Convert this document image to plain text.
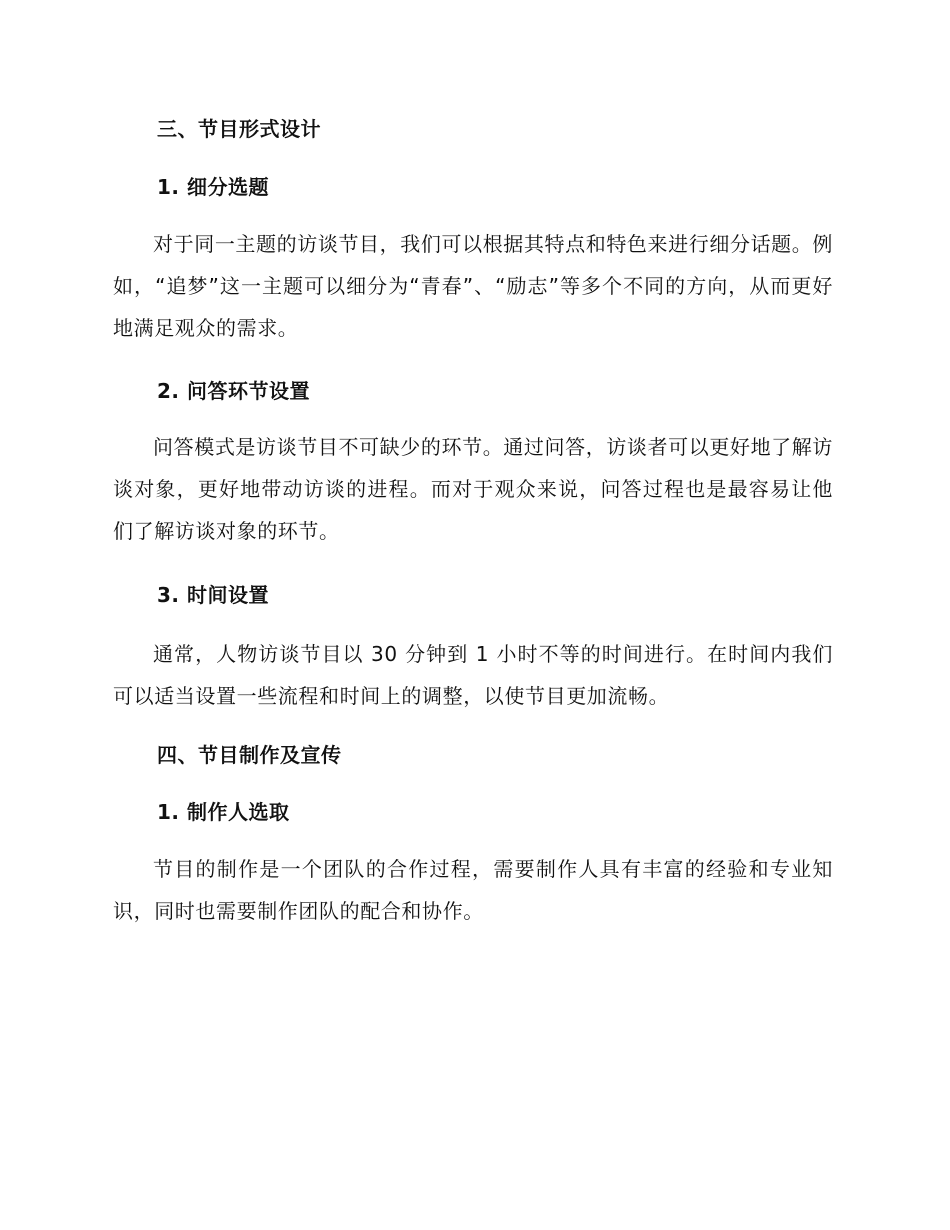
三、节目形式设计
1. 细分选题
对于同一主题的访谈节目，我们可以根据其特点和特色来进行细分话题。例如，“追梦”这一主题可以细分为“青春”、“励志”等多个不同的方向，从而更好地满足观众的需求。
2. 问答环节设置
问答模式是访谈节目不可缺少的环节。通过问答，访谈者可以更好地了解访谈对象，更好地带动访谈的进程。而对于观众来说，问答过程也是最容易让他们了解访谈对象的环节。
3. 时间设置
通常，人物访谈节目以 30 分钟到 1 小时不等的时间进行。在时间内我们可以适当设置一些流程和时间上的调整，以使节目更加流畅。
四、节目制作及宣传
1. 制作人选取
节目的制作是一个团队的合作过程，需要制作人具有丰富的经验和专业知识，同时也需要制作团队的配合和协作。
